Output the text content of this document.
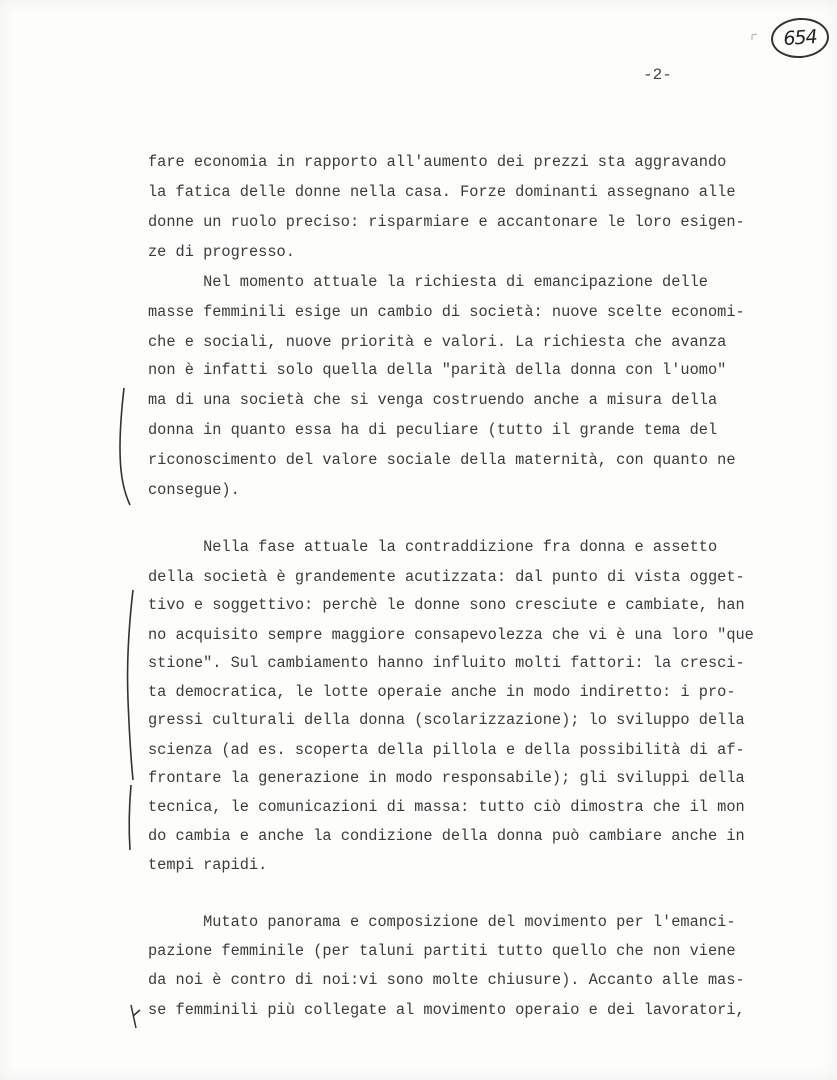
654
-2-
fare economia in rapporto all'aumento dei prezzi sta aggravando
la fatica delle donne nella casa. Forze dominanti assegnano alle
donne un ruolo preciso: risparmiare e accantonare le loro esigen-
ze di progresso.
Nel momento attuale la richiesta di emancipazione delle
masse femminili esige un cambio di società: nuove scelte economi-
che e sociali, nuove priorità e valori. La richiesta che avanza
non è infatti solo quella della "parità della donna con l'uomo"
ma di una società che si venga costruendo anche a misura della
donna in quanto essa ha di peculiare (tutto il grande tema del
riconoscimento del valore sociale della maternità, con quanto ne
consegue).
Nella fase attuale la contraddizione fra donna e assetto
della società è grandemente acutizzata: dal punto di vista ogget-
tivo e soggettivo: perchè le donne sono cresciute e cambiate, han
no acquisito sempre maggiore consapevolezza che vi è una loro "que
stione". Sul cambiamento hanno influito molti fattori: la cresci-
ta democratica, le lotte operaie anche in modo indiretto: i pro-
gressi culturali della donna (scolarizzazione); lo sviluppo della
scienza (ad es. scoperta della pillola e della possibilità di af-
frontare la generazione in modo responsabile); gli sviluppi della
tecnica, le comunicazioni di massa: tutto ciò dimostra che il mon
do cambia e anche la condizione della donna può cambiare anche in
tempi rapidi.
Mutato panorama e composizione del movimento per l'emanci-
pazione femminile (per taluni partiti tutto quello che non viene
da noi è contro di noi:vi sono molte chiusure). Accanto alle mas-
se femminili più collegate al movimento operaio e dei lavoratori,
